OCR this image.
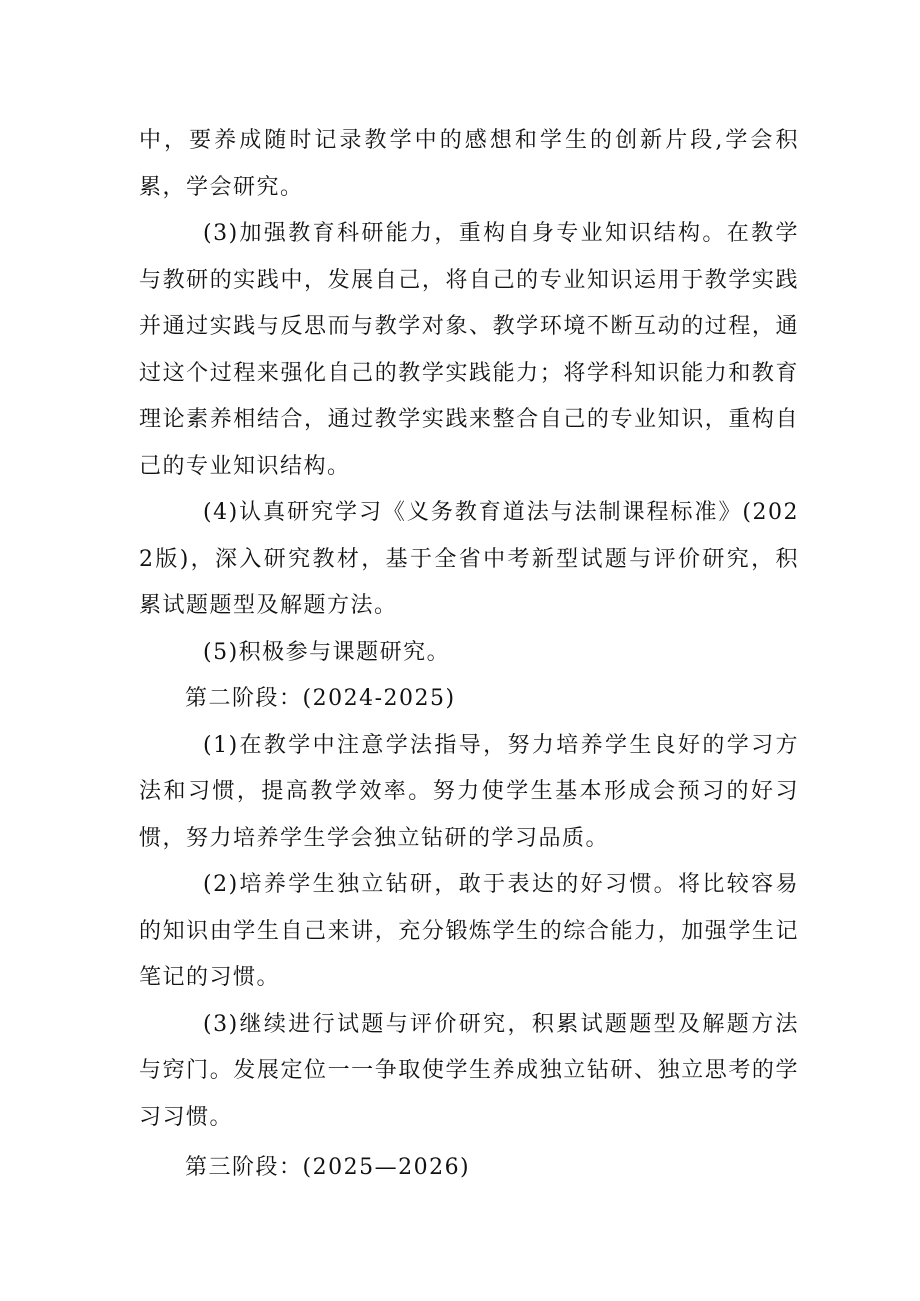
中，要养成随时记录教学中的感想和学生的创新片段,学会积累，学会研究。

(3)加强教育科研能力，重构自身专业知识结构。在教学与教研的实践中，发展自己，将自己的专业知识运用于教学实践并通过实践与反思而与教学对象、教学环境不断互动的过程，通过这个过程来强化自己的教学实践能力；将学科知识能力和教育理论素养相结合，通过教学实践来整合自己的专业知识，重构自己的专业知识结构。

(4)认真研究学习《义务教育道法与法制课程标准》(2022版)，深入研究教材，基于全省中考新型试题与评价研究，积累试题题型及解题方法。

(5)积极参与课题研究。

第二阶段：(2024-2025)

(1)在教学中注意学法指导，努力培养学生良好的学习方法和习惯，提高教学效率。努力使学生基本形成会预习的好习惯，努力培养学生学会独立钻研的学习品质。

(2)培养学生独立钻研，敢于表达的好习惯。将比较容易的知识由学生自己来讲，充分锻炼学生的综合能力，加强学生记笔记的习惯。

(3)继续进行试题与评价研究，积累试题题型及解题方法与窍门。发展定位一一争取使学生养成独立钻研、独立思考的学习习惯。

第三阶段：(2025—2026)
